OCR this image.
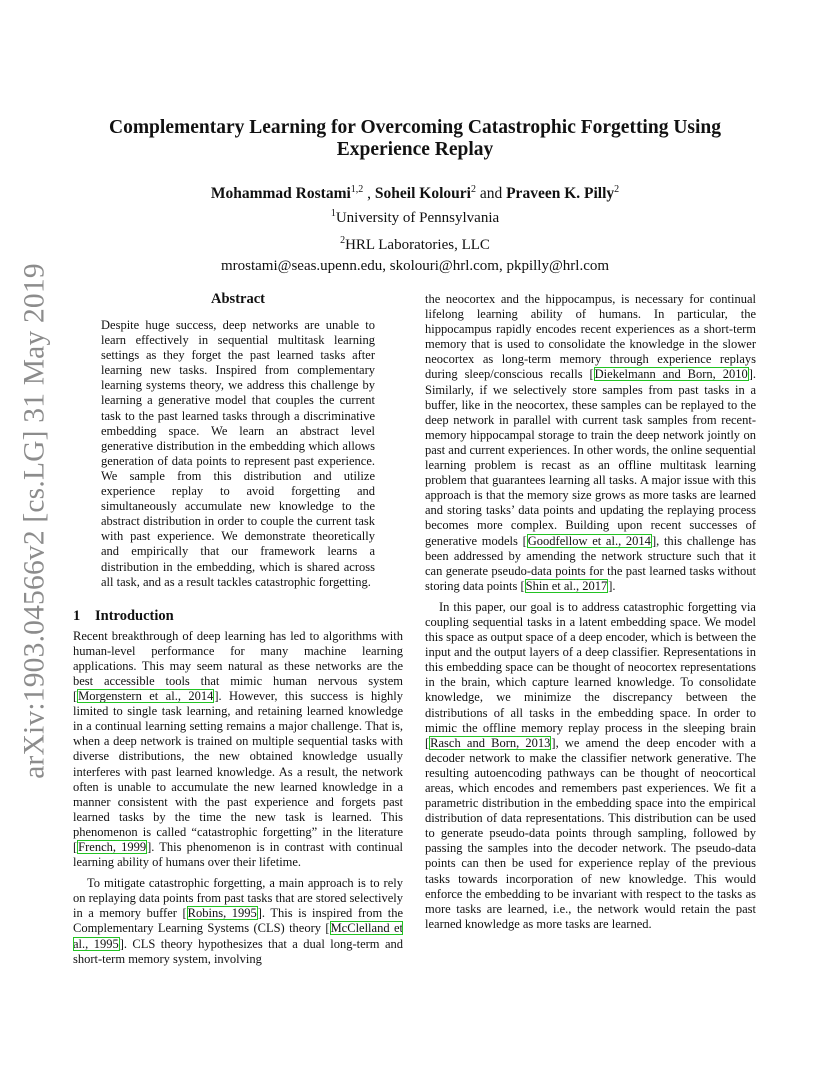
arXiv:1903.04566v2 [cs.LG] 31 May 2019
Complementary Learning for Overcoming Catastrophic Forgetting Using
Experience Replay
Mohammad Rostami$^{1,2}$ , Soheil Kolouri$^2$ and Praveen K. Pilly$^2$
$^1$University of Pennsylvania
$^2$HRL Laboratories, LLC
mrostami@seas.upenn.edu, skolouri@hrl.com, pkpilly@hrl.com
Abstract
Despite huge success, deep networks are unable to learn effectively in sequential multitask learning settings as they forget the past learned tasks after learning new tasks. Inspired from complementary learning systems theory, we address this challenge by learning a generative model that couples the current task to the past learned tasks through a discriminative embedding space. We learn an abstract level generative distribution in the embedding which allows generation of data points to represent past experience. We sample from this distribution and utilize experience replay to avoid forgetting and simultaneously accumulate new knowledge to the abstract distribution in order to couple the current task with past experience. We demonstrate theoretically and empirically that our framework learns a distribution in the embedding, which is shared across all task, and as a result tackles catastrophic forgetting.
1 Introduction

Recent breakthrough of deep learning has led to algorithms with human-level performance for many machine learning applications. This may seem natural as these networks are the best accessible tools that mimic human nervous system [Morgenstern et al., 2014]. However, this success is highly limited to single task learning, and retaining learned knowledge in a continual learning setting remains a major challenge. That is, when a deep network is trained on multiple sequential tasks with diverse distributions, the new obtained knowledge usually interferes with past learned knowledge. As a result, the network often is unable to accumulate the new learned knowledge in a manner consistent with the past experience and forgets past learned tasks by the time the new task is learned. This phenomenon is called “catastrophic forgetting” in the literature [French, 1999]. This phenomenon is in contrast with continual learning ability of humans over their lifetime.

To mitigate catastrophic forgetting, a main approach is to rely on replaying data points from past tasks that are stored selectively in a memory buffer [Robins, 1995]. This is inspired from the Complementary Learning Systems (CLS) theory [McClelland et al., 1995]. CLS theory hypothesizes that a dual long-term and short-term memory system, involving

the neocortex and the hippocampus, is necessary for continual lifelong learning ability of humans. In particular, the hippocampus rapidly encodes recent experiences as a short-term memory that is used to consolidate the knowledge in the slower neocortex as long-term memory through experience replays during sleep/conscious recalls [Diekelmann and Born, 2010]. Similarly, if we selectively store samples from past tasks in a buffer, like in the neocortex, these samples can be replayed to the deep network in parallel with current task samples from recent-memory hippocampal storage to train the deep network jointly on past and current experiences. In other words, the online sequential learning problem is recast as an offline multitask learning problem that guarantees learning all tasks. A major issue with this approach is that the memory size grows as more tasks are learned and storing tasks’ data points and updating the replaying process becomes more complex. Building upon recent successes of generative models [Goodfellow et al., 2014], this challenge has been addressed by amending the network structure such that it can generate pseudo-data points for the past learned tasks without storing data points [Shin et al., 2017].

In this paper, our goal is to address catastrophic forgetting via coupling sequential tasks in a latent embedding space. We model this space as output space of a deep encoder, which is between the input and the output layers of a deep classifier. Representations in this embedding space can be thought of neocortex representations in the brain, which capture learned knowledge. To consolidate knowledge, we minimize the discrepancy between the distributions of all tasks in the embedding space. In order to mimic the offline memory replay process in the sleeping brain [Rasch and Born, 2013], we amend the deep encoder with a decoder network to make the classifier network generative. The resulting autoencoding pathways can be thought of neocortical areas, which encodes and remembers past experiences. We fit a parametric distribution in the embedding space into the empirical distribution of data representations. This distribution can be used to generate pseudo-data points through sampling, followed by passing the samples into the decoder network. The pseudo-data points can then be used for experience replay of the previous tasks towards incorporation of new knowledge. This would enforce the embedding to be invariant with respect to the tasks as more tasks are learned, i.e., the network would retain the past learned knowledge as more tasks are learned.
